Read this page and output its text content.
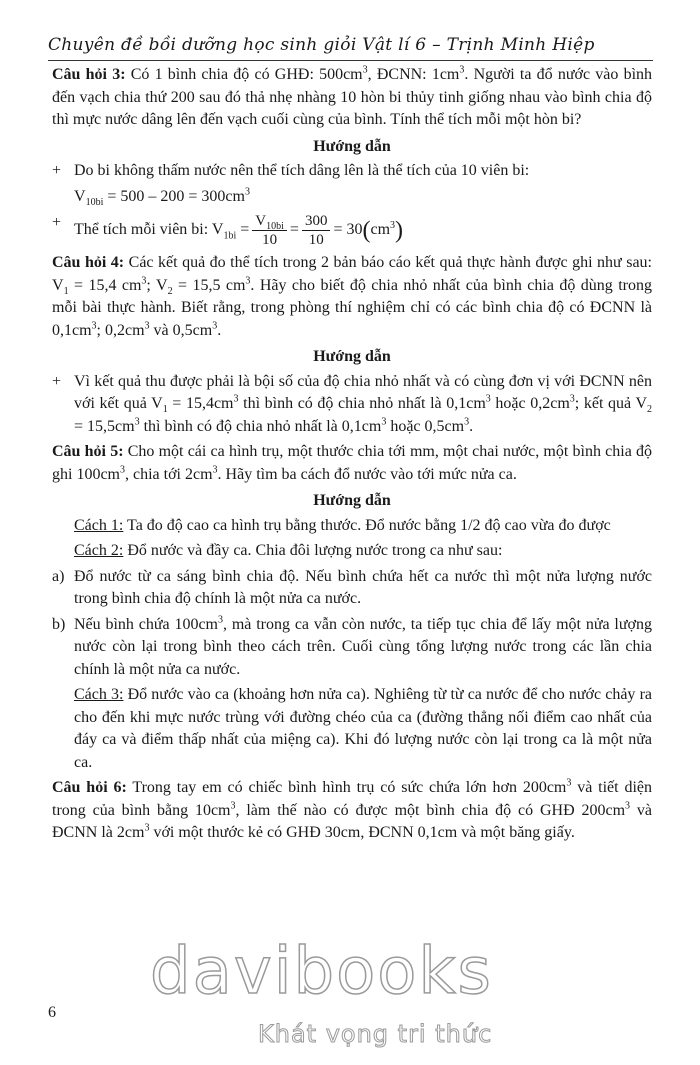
Chuyên đề bồi dưỡng học sinh giỏi Vật lí 6 – Trịnh Minh Hiệp

Câu hỏi 3: Có 1 bình chia độ có GHĐ: $500cm^3$, ĐCNN: $1cm^3$. Người ta đổ nước vào bình đến vạch chia thứ 200 sau đó thả nhẹ nhàng 10 hòn bi thủy tinh giống nhau vào bình chia độ thì mực nước dâng lên đến vạch cuối cùng của bình. Tính thể tích mỗi một hòn bi?

Hướng dẫn
+ Do bi không thấm nước nên thể tích dâng lên là thể tích của 10 viên bi:
$V_{10bi} = 500 - 200 = 300cm^3$
+ Thể tích mỗi viên bi: $V_{1bi} = \frac{V_{10bi}}{10} = \frac{300}{10} = 30(cm^3)$

Câu hỏi 4: Các kết quả đo thể tích trong 2 bản báo cáo kết quả thực hành được ghi như sau: $V_1 = 15,4$ $cm^3$; $V_2 = 15,5$ $cm^3$. Hãy cho biết độ chia nhỏ nhất của bình chia độ dùng trong mỗi bài thực hành. Biết rằng, trong phòng thí nghiệm chỉ có các bình chia độ có ĐCNN là $0,1cm^3$; $0,2cm^3$ và $0,5cm^3$.

Hướng dẫn
+ Vì kết quả thu được phải là bội số của độ chia nhỏ nhất và có cùng đơn vị với ĐCNN nên với kết quả $V_1 = 15,4cm^3$ thì bình có độ chia nhỏ nhất là $0,1cm^3$ hoặc $0,2cm^3$; kết quả $V_2 = 15,5cm^3$ thì bình có độ chia nhỏ nhất là $0,1cm^3$ hoặc $0,5cm^3$.

Câu hỏi 5: Cho một cái ca hình trụ, một thước chia tới mm, một chai nước, một bình chia độ ghi $100cm^3$, chia tới $2cm^3$. Hãy tìm ba cách đổ nước vào tới mức nửa ca.

Hướng dẫn

Cách 1: Ta đo độ cao ca hình trụ bằng thước. Đổ nước bằng 1/2 độ cao vừa đo được

Cách 2: Đổ nước và đầy ca. Chia đôi lượng nước trong ca như sau:

a) Đổ nước từ ca sáng bình chia độ. Nếu bình chứa hết ca nước thì một nửa lượng nước trong bình chia độ chính là một nửa ca nước.
b) Nếu bình chứa $100cm^3$, mà trong ca vẫn còn nước, ta tiếp tục chia để lấy một nửa lượng nước còn lại trong bình theo cách trên. Cuối cùng tổng lượng nước trong các lần chia chính là một nửa ca nước.

Cách 3: Đổ nước vào ca (khoảng hơn nửa ca). Nghiêng từ từ ca nước để cho nước chảy ra cho đến khi mực nước trùng với đường chéo của ca (đường thẳng nối điểm cao nhất của đáy ca và điểm thấp nhất của miệng ca). Khi đó lượng nước còn lại trong ca là một nửa ca.

Câu hỏi 6: Trong tay em có chiếc bình hình trụ có sức chứa lớn hơn $200cm^3$ và tiết diện trong của bình bằng $10cm^3$, làm thế nào có được một bình chia độ có GHĐ $200cm^3$ và ĐCNN là $2cm^3$ với một thước kẻ có GHĐ 30cm, ĐCNN 0,1cm và một băng giấy.

davibooks
Khát vọng tri thức
6
